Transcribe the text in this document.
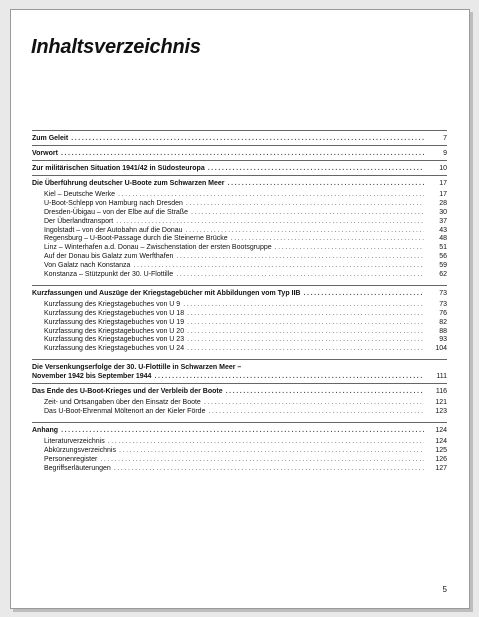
Inhaltsverzeichnis
Zum Geleit .....	7
Vorwort .....	9
Zur militärischen Situation 1941/42 in Südosteuropa .....	10
Die Überführung deutscher U-Boote zum Schwarzen Meer .....	17
Kiel – Deutsche Werke .....	17
U-Boot-Schlepp von Hamburg nach Dresden .....	28
Dresden-Übigau – von der Elbe auf die Straße .....	30
Der Überlandtransport .....	37
Ingolstadt – von der Autobahn auf die Donau .....	43
Regensburg – U-Boot-Passage durch die Steinerne Brücke .....	48
Linz – Winterhafen a.d. Donau – Zwischenstation der ersten Bootsgruppe .....	51
Auf der Donau bis Galatz zum Werfthafen .....	56
Von Galatz nach Konstanza .....	59
Konstanza – Stützpunkt der 30. U-Flottille .....	62
Kurzfassungen und Auszüge der Kriegstagebücher mit Abbildungen vom Typ IIB .....	73
Kurzfassung des Kriegstagebuches von U 9 .....	73
Kurzfassung des Kriegstagebuches von U 18 .....	76
Kurzfassung des Kriegstagebuches von U 19 .....	82
Kurzfassung des Kriegstagebuches von U 20 .....	88
Kurzfassung des Kriegstagebuches von U 23 .....	93
Kurzfassung des Kriegstagebuches von U 24 .....	104
Die Versenkungserfolge der 30. U-Flottille in Schwarzen Meer –
November 1942 bis September 1944 .....	111
Das Ende des U-Boot-Krieges und der Verbleib der Boote .....	116
Zeit- und Ortsangaben über den Einsatz der Boote .....	121
Das U-Boot-Ehrenmal Möltenort an der Kieler Förde .....	123
Anhang .....	124
Literaturverzeichnis .....	124
Abkürzungsverzeichnis .....	125
Personenregister .....	126
Begriffserläuterungen .....	127
5
